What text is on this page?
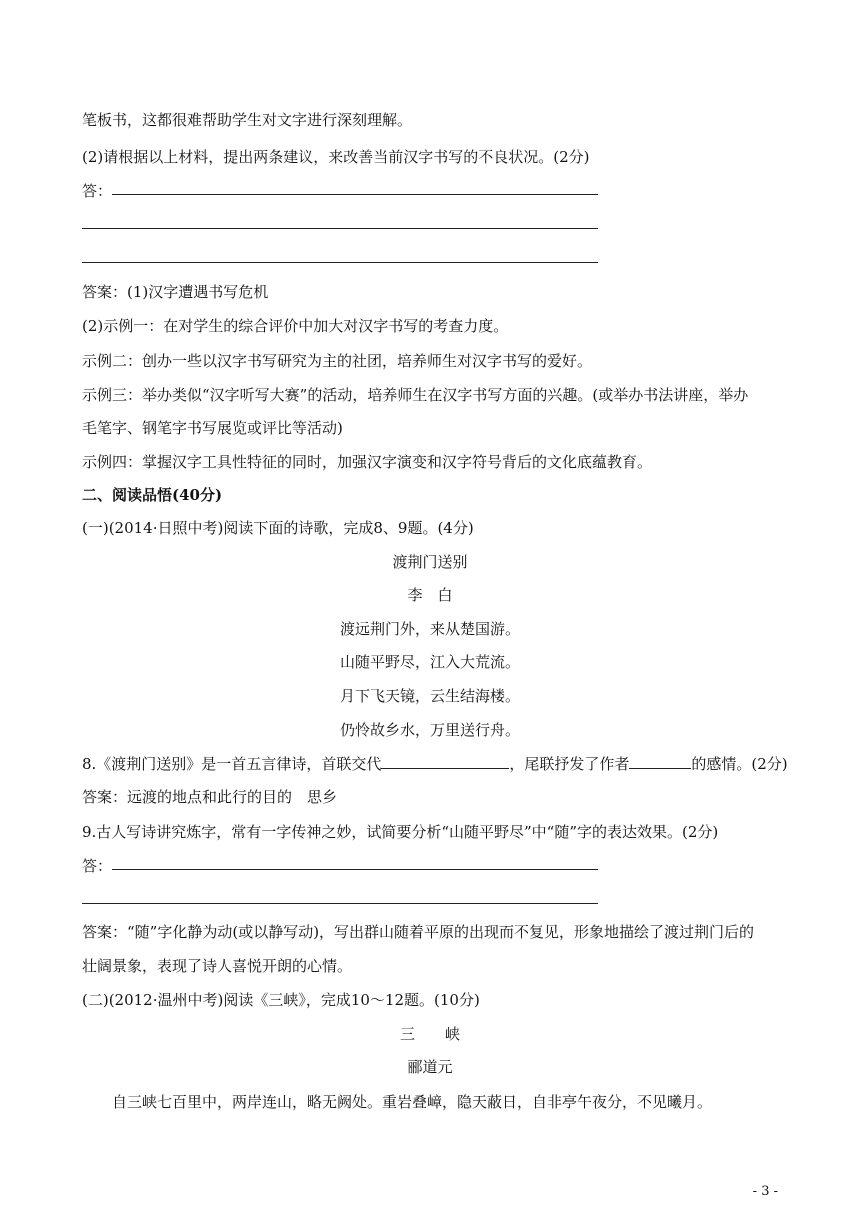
笔板书，这都很难帮助学生对文字进行深刻理解。
(2)请根据以上材料，提出两条建议，来改善当前汉字书写的不良状况。(2分)
答：
答案：(1)汉字遭遇书写危机
(2)示例一：在对学生的综合评价中加大对汉字书写的考查力度。
示例二：创办一些以汉字书写研究为主的社团，培养师生对汉字书写的爱好。
示例三：举办类似“汉字听写大赛”的活动，培养师生在汉字书写方面的兴趣。(或举办书法讲座，举办
毛笔字、钢笔字书写展览或评比等活动)
示例四：掌握汉字工具性特征的同时，加强汉字演变和汉字符号背后的文化底蕴教育。
二、阅读品悟(40分)
(一)(2014·日照中考)阅读下面的诗歌，完成8、9题。(4分)
渡荆门送别
李　白
渡远荆门外，来从楚国游。
山随平野尽，江入大荒流。
月下飞天镜，云生结海楼。
仍怜故乡水，万里送行舟。
8.《渡荆门送别》是一首五言律诗，首联交代	，尾联抒发了作者	的感情。(2分)
答案：远渡的地点和此行的目的　思乡
9.古人写诗讲究炼字，常有一字传神之妙，试简要分析“山随平野尽”中“随”字的表达效果。(2分)
答：
答案：“随”字化静为动(或以静写动)，写出群山随着平原的出现而不复见，形象地描绘了渡过荆门后的
壮阔景象，表现了诗人喜悦开朗的心情。
(二)(2012·温州中考)阅读《三峡》，完成10～12题。(10分)
三　　峡
郦道元
自三峡七百里中，两岸连山，略无阙处。重岩叠嶂，隐天蔽日，自非亭午夜分，不见曦月。
- 3 -
